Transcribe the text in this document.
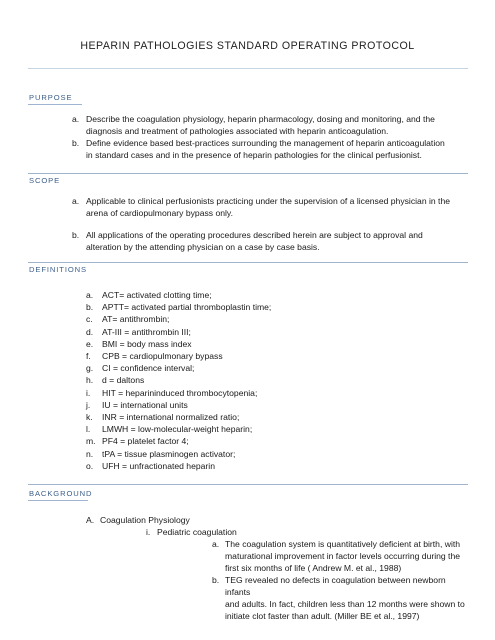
HEPARIN PATHOLOGIES STANDARD OPERATING PROTOCOL
PURPOSE
a. Describe the coagulation physiology, heparin pharmacology, dosing and monitoring, and the
diagnosis and treatment of pathologies associated with heparin anticoagulation.
b. Define evidence based best-practices surrounding the management of heparin anticoagulation
in standard cases and in the presence of heparin pathologies for the clinical perfusionist.
SCOPE
a. Applicable to clinical perfusionists practicing under the supervision of a licensed physician in the
arena of cardiopulmonary bypass only.
b. All applications of the operating procedures described herein are subject to approval and
alteration by the attending physician on a case by case basis.
DEFINITIONS
a. ACT= activated clotting time;
b. APTT= activated partial thromboplastin time;
c. AT= antithrombin;
d. AT-III = antithrombin III;
e. BMI = body mass index
f. CPB = cardiopulmonary bypass
g. CI = confidence interval;
h. d = daltons
i. HIT = heparininduced thrombocytopenia;
j. IU = international units
k. INR = international normalized ratio;
l. LMWH = low-molecular-weight heparin;
m. PF4 = platelet factor 4;
n. tPA = tissue plasminogen activator;
o. UFH = unfractionated heparin
BACKGROUND
A. Coagulation Physiology
i. Pediatric coagulation
a. The coagulation system is quantitatively deficient at birth, with
maturational improvement in factor levels occurring during the
first six months of life ( Andrew M. et al., 1988)
b. TEG revealed no defects in coagulation between newborn infants
and adults. In fact, children less than 12 months were shown to
initiate clot faster than adult. (Miller BE et al., 1997)
